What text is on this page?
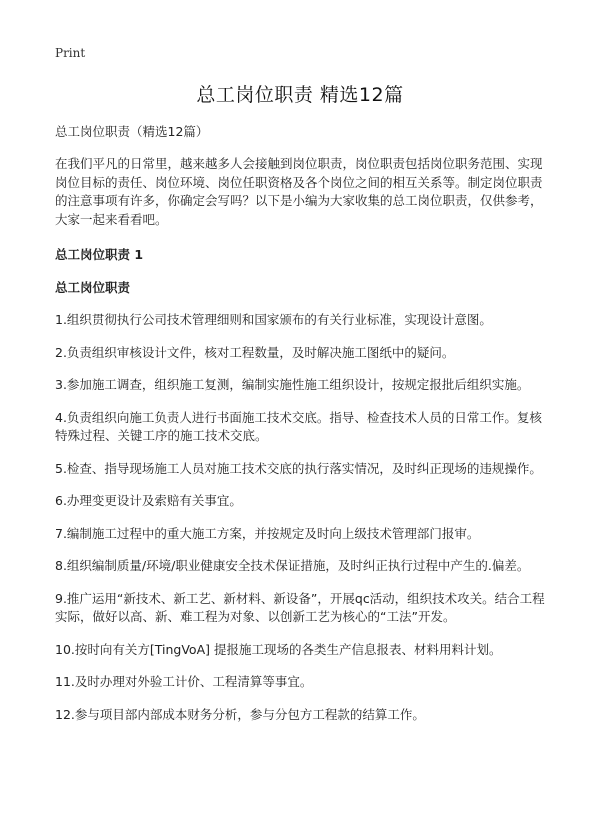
Print
总工岗位职责 精选12篇

总工岗位职责（精选12篇）

在我们平凡的日常里，越来越多人会接触到岗位职责，岗位职责包括岗位职务范围、实现岗位目标的责任、岗位环境、岗位任职资格及各个岗位之间的相互关系等。制定岗位职责的注意事项有许多，你确定会写吗？以下是小编为大家收集的总工岗位职责，仅供参考，大家一起来看看吧。

总工岗位职责 1

总工岗位职责

1.组织贯彻执行公司技术管理细则和国家颁布的有关行业标准，实现设计意图。

2.负责组织审核设计文件，核对工程数量，及时解决施工图纸中的疑问。

3.参加施工调查，组织施工复测，编制实施性施工组织设计，按规定报批后组织实施。

4.负责组织向施工负责人进行书面施工技术交底。指导、检查技术人员的日常工作。复核特殊过程、关键工序的施工技术交底。

5.检查、指导现场施工人员对施工技术交底的执行落实情况，及时纠正现场的违规操作。

6.办理变更设计及索赔有关事宜。

7.编制施工过程中的重大施工方案，并按规定及时向上级技术管理部门报审。

8.组织编制质量/环境/职业健康安全技术保证措施，及时纠正执行过程中产生的.偏差。

9.推广运用“新技术、新工艺、新材料、新设备”，开展qc活动，组织技术攻关。结合工程实际，做好以高、新、难工程为对象、以创新工艺为核心的“工法”开发。

10.按时向有关方[TingVoA] 提报施工现场的各类生产信息报表、材料用料计划。

11.及时办理对外验工计价、工程清算等事宜。

12.参与项目部内部成本财务分析，参与分包方工程款的结算工作。
